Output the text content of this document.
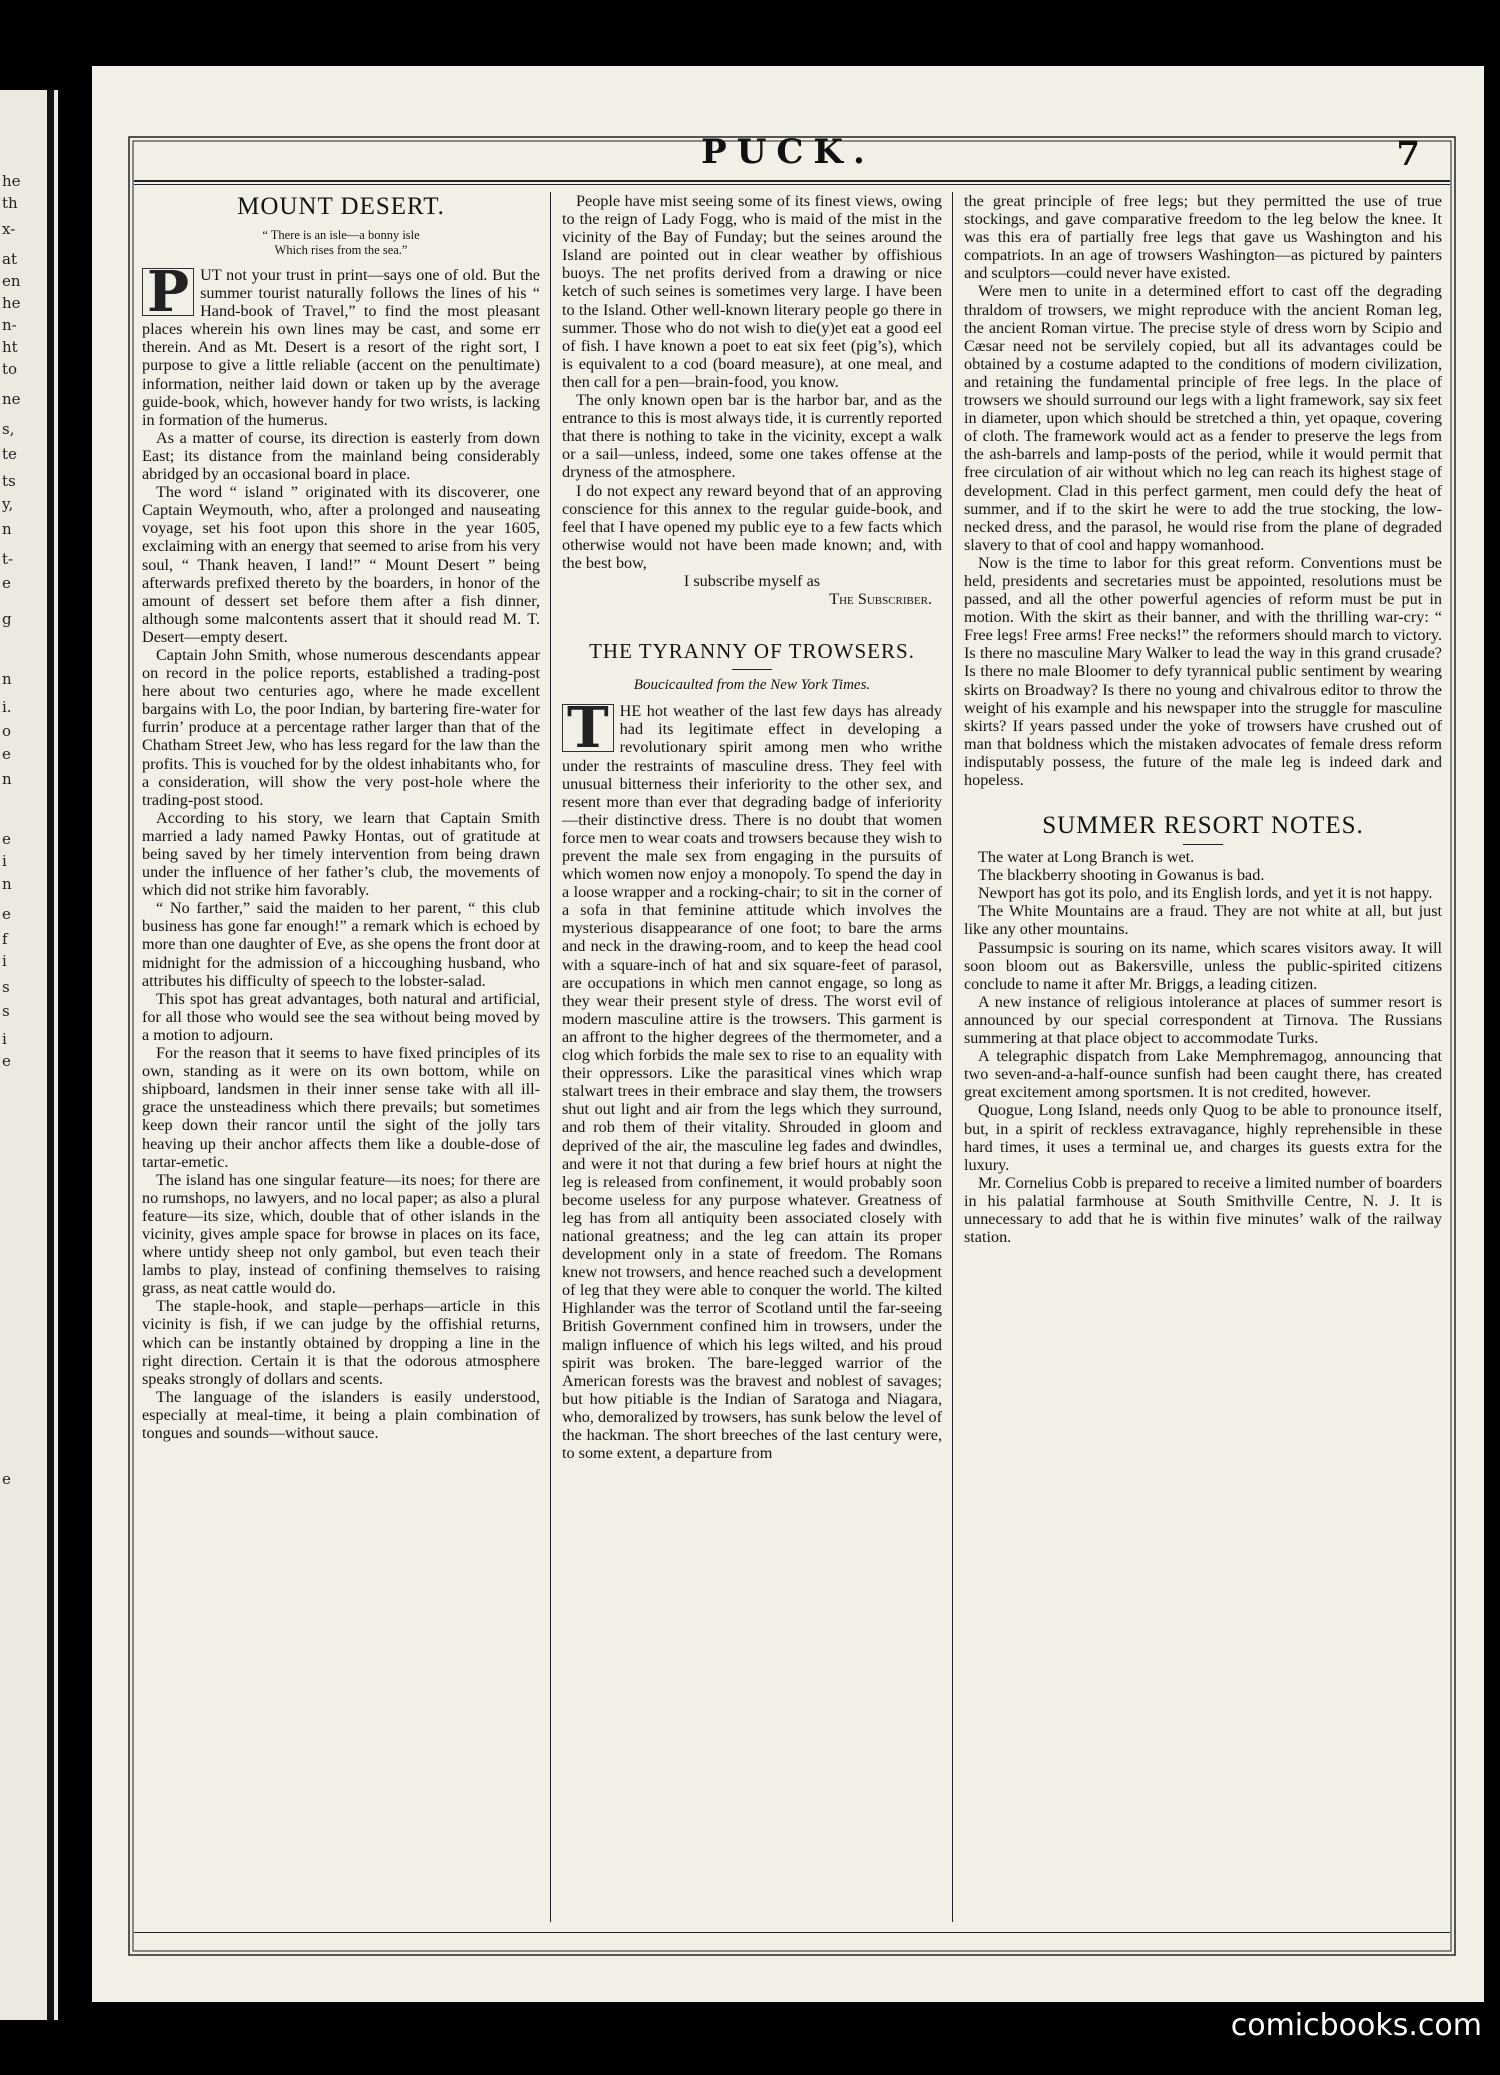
he
th
x-
at
en
he
n-
ht
to
ne
s,
te
ts
y,
n
t-
e
g
n
i.
o
e
n
e
i
n
e
f
i
s
s
i
e
e
PUCK.	7
MOUNT DESERT.
“ There is an isle—a bonny isle
Which rises from the sea.”

P UT not your trust in print—says one of old. But the summer tourist naturally follows the lines of his “ Hand-book of Travel,” to find the most pleasant places wherein his own lines may be cast, and some err therein. And as Mt. Desert is a resort of the right sort, I purpose to give a little reliable (accent on the penultimate) information, neither laid down or taken up by the average guide-book, which, however handy for two wrists, is lacking in formation of the humerus.

As a matter of course, its direction is easterly from down East; its distance from the mainland being considerably abridged by an occasional board in place.

The word “ island ” originated with its discoverer, one Captain Weymouth, who, after a prolonged and nauseating voyage, set his foot upon this shore in the year 1605, exclaiming with an energy that seemed to arise from his very soul, “ Thank heaven, I land!” “ Mount Desert ” being afterwards prefixed thereto by the boarders, in honor of the amount of dessert set before them after a fish dinner, although some malcontents assert that it should read M. T. Desert—empty desert.

Captain John Smith, whose numerous descendants appear on record in the police reports, established a trading-post here about two centuries ago, where he made excellent bargains with Lo, the poor Indian, by bartering fire-water for furrin’ produce at a percentage rather larger than that of the Chatham Street Jew, who has less regard for the law than the profits. This is vouched for by the oldest inhabitants who, for a consideration, will show the very post-hole where the trading-post stood.

According to his story, we learn that Captain Smith married a lady named Pawky Hontas, out of gratitude at being saved by her timely intervention from being drawn under the influence of her father’s club, the movements of which did not strike him favorably.

“ No farther,” said the maiden to her parent, “ this club business has gone far enough!” a remark which is echoed by more than one daughter of Eve, as she opens the front door at midnight for the admission of a hiccoughing husband, who attributes his difficulty of speech to the lobster-salad.

This spot has great advantages, both natural and artificial, for all those who would see the sea without being moved by a motion to adjourn.

For the reason that it seems to have fixed principles of its own, standing as it were on its own bottom, while on shipboard, landsmen in their inner sense take with all ill-grace the unsteadiness which there prevails; but sometimes keep down their rancor until the sight of the jolly tars heaving up their anchor affects them like a double-dose of tartar-emetic.

The island has one singular feature—its noes; for there are no rumshops, no lawyers, and no local paper; as also a plural feature—its size, which, double that of other islands in the vicinity, gives ample space for browse in places on its face, where untidy sheep not only gambol, but even teach their lambs to play, instead of confining themselves to raising grass, as neat cattle would do.

The staple-hook, and staple—perhaps—article in this vicinity is fish, if we can judge by the offishial returns, which can be instantly obtained by dropping a line in the right direction. Certain it is that the odorous atmosphere speaks strongly of dollars and scents.

The language of the islanders is easily understood, especially at meal-time, it being a plain combination of tongues and sounds—without sauce.

People have mist seeing some of its finest views, owing to the reign of Lady Fogg, who is maid of the mist in the vicinity of the Bay of Funday; but the seines around the Island are pointed out in clear weather by offishious buoys. The net profits derived from a drawing or nice ketch of such seines is sometimes very large. I have been to the Island. Other well-known literary people go there in summer. Those who do not wish to die(y)et eat a good eel of fish. I have known a poet to eat six feet (pig’s), which is equivalent to a cod (board measure), at one meal, and then call for a pen—brain-food, you know.

The only known open bar is the harbor bar, and as the entrance to this is most always tide, it is currently reported that there is nothing to take in the vicinity, except a walk or a sail—unless, indeed, some one takes offense at the dryness of the atmosphere.

I do not expect any reward beyond that of an approving conscience for this annex to the regular guide-book, and feel that I have opened my public eye to a few facts which otherwise would not have been made known; and, with the best bow,

I subscribe myself as

The Subscriber.

THE TYRANNY OF TROWSERS.
Boucicaulted from the New York Times.

T HE hot weather of the last few days has already had its legitimate effect in developing a revolutionary spirit among men who writhe under the restraints of masculine dress. They feel with unusual bitterness their inferiority to the other sex, and resent more than ever that degrading badge of inferiority—their distinctive dress. There is no doubt that women force men to wear coats and trowsers because they wish to prevent the male sex from engaging in the pursuits of which women now enjoy a monopoly. To spend the day in a loose wrapper and a rocking-chair; to sit in the corner of a sofa in that feminine attitude which involves the mysterious disappearance of one foot; to bare the arms and neck in the drawing-room, and to keep the head cool with a square-inch of hat and six square-feet of parasol, are occupations in which men cannot engage, so long as they wear their present style of dress. The worst evil of modern masculine attire is the trowsers. This garment is an affront to the higher degrees of the thermometer, and a clog which forbids the male sex to rise to an equality with their oppressors. Like the parasitical vines which wrap stalwart trees in their embrace and slay them, the trowsers shut out light and air from the legs which they surround, and rob them of their vitality. Shrouded in gloom and deprived of the air, the masculine leg fades and dwindles, and were it not that during a few brief hours at night the leg is released from confinement, it would probably soon become useless for any purpose whatever. Greatness of leg has from all antiquity been associated closely with national greatness; and the leg can attain its proper development only in a state of freedom. The Romans knew not trowsers, and hence reached such a development of leg that they were able to conquer the world. The kilted Highlander was the terror of Scotland until the far-seeing British Government confined him in trowsers, under the malign influence of which his legs wilted, and his proud spirit was broken. The bare-legged warrior of the American forests was the bravest and noblest of savages; but how pitiable is the Indian of Saratoga and Niagara, who, demoralized by trowsers, has sunk below the level of the hackman. The short breeches of the last century were, to some extent, a departure from

the great principle of free legs; but they permitted the use of true stockings, and gave comparative freedom to the leg below the knee. It was this era of partially free legs that gave us Washington and his compatriots. In an age of trowsers Washington—as pictured by painters and sculptors—could never have existed.

Were men to unite in a determined effort to cast off the degrading thraldom of trowsers, we might reproduce with the ancient Roman leg, the ancient Roman virtue. The precise style of dress worn by Scipio and Cæsar need not be servilely copied, but all its advantages could be obtained by a costume adapted to the conditions of modern civilization, and retaining the fundamental principle of free legs. In the place of trowsers we should surround our legs with a light framework, say six feet in diameter, upon which should be stretched a thin, yet opaque, covering of cloth. The framework would act as a fender to preserve the legs from the ash-barrels and lamp-posts of the period, while it would permit that free circulation of air without which no leg can reach its highest stage of development. Clad in this perfect garment, men could defy the heat of summer, and if to the skirt he were to add the true stocking, the low-necked dress, and the parasol, he would rise from the plane of degraded slavery to that of cool and happy womanhood.

Now is the time to labor for this great reform. Conventions must be held, presidents and secretaries must be appointed, resolutions must be passed, and all the other powerful agencies of reform must be put in motion. With the skirt as their banner, and with the thrilling war-cry: “ Free legs! Free arms! Free necks!” the reformers should march to victory. Is there no masculine Mary Walker to lead the way in this grand crusade? Is there no male Bloomer to defy tyrannical public sentiment by wearing skirts on Broadway? Is there no young and chivalrous editor to throw the weight of his example and his newspaper into the struggle for masculine skirts? If years passed under the yoke of trowsers have crushed out of man that boldness which the mistaken advocates of female dress reform indisputably possess, the future of the male leg is indeed dark and hopeless.

SUMMER RESORT NOTES.

The water at Long Branch is wet.

The blackberry shooting in Gowanus is bad.

Newport has got its polo, and its English lords, and yet it is not happy.

The White Mountains are a fraud. They are not white at all, but just like any other mountains.

Passumpsic is souring on its name, which scares visitors away. It will soon bloom out as Bakersville, unless the public-spirited citizens conclude to name it after Mr. Briggs, a leading citizen.

A new instance of religious intolerance at places of summer resort is announced by our special correspondent at Tirnova. The Russians summering at that place object to accommodate Turks.

A telegraphic dispatch from Lake Memphremagog, announcing that two seven-and-a-half-ounce sunfish had been caught there, has created great excitement among sportsmen. It is not credited, however.

Quogue, Long Island, needs only Quog to be able to pronounce itself, but, in a spirit of reckless extravagance, highly reprehensible in these hard times, it uses a terminal ue, and charges its guests extra for the luxury.

Mr. Cornelius Cobb is prepared to receive a limited number of boarders in his palatial farmhouse at South Smithville Centre, N. J. It is unnecessary to add that he is within five minutes’ walk of the railway station.

comicbooks.com
